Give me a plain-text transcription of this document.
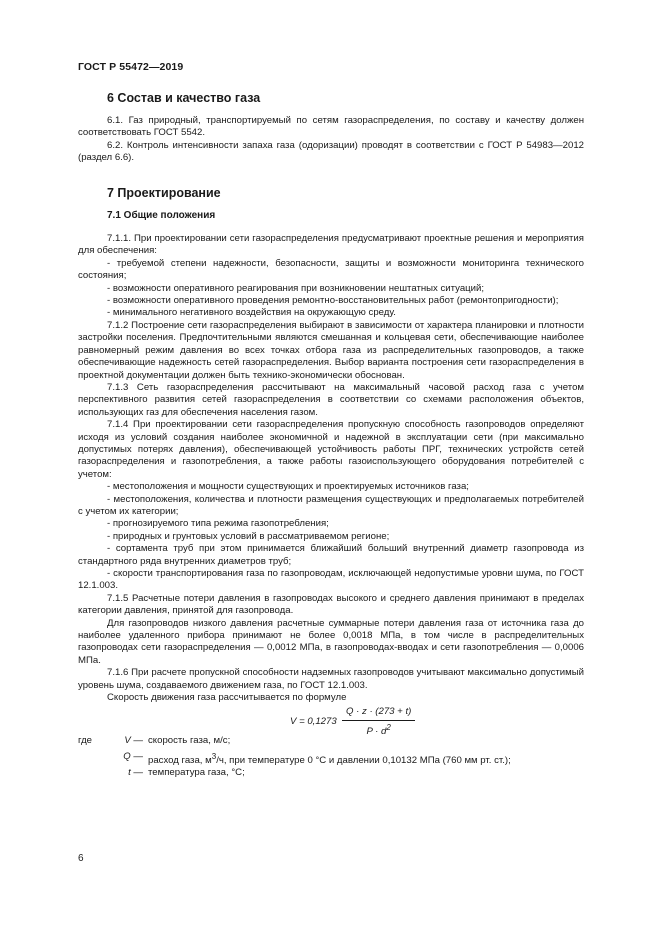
ГОСТ Р 55472—2019
6 Состав и качество газа

6.1. Газ природный, транспортируемый по сетям газораспределения, по составу и качеству должен соответствовать ГОСТ 5542.

6.2. Контроль интенсивности запаха газа (одоризации) проводят в соответствии с ГОСТ Р 54983—2012 (раздел 6.6).

7 Проектирование
7.1 Общие положения

7.1.1. При проектировании сети газораспределения предусматривают проектные решения и мероприятия для обеспечения:

- требуемой степени надежности, безопасности, защиты и возможности мониторинга технического состояния;

- возможности оперативного реагирования при возникновении нештатных ситуаций;

- возможности оперативного проведения ремонтно-восстановительных работ (ремонтопригодности);

- минимального негативного воздействия на окружающую среду.

7.1.2 Построение сети газораспределения выбирают в зависимости от характера планировки и плотности застройки поселения. Предпочтительными являются смешанная и кольцевая сети, обеспечивающие наиболее равномерный режим давления во всех точках отбора газа из распределительных газопроводов, а также обеспечивающие надежность сетей газораспределения. Выбор варианта построения сети газораспределения в проектной документации должен быть технико-экономически обоснован.

7.1.3 Сеть газораспределения рассчитывают на максимальный часовой расход газа с учетом перспективного развития сетей газораспределения в соответствии со схемами расположения объектов, использующих газ для обеспечения населения газом.

7.1.4 При проектировании сети газораспределения пропускную способность газопроводов определяют исходя из условий создания наиболее экономичной и надежной в эксплуатации сети (при максимально допустимых потерях давления), обеспечивающей устойчивость работы ПРГ, технических устройств сетей газораспределения и газопотребления, а также работы газоиспользующего оборудования потребителей с учетом:

- местоположения и мощности существующих и проектируемых источников газа;

- местоположения, количества и плотности размещения существующих и предполагаемых потребителей с учетом их категории;

- прогнозируемого типа режима газопотребления;

- природных и грунтовых условий в рассматриваемом регионе;

- сортамента труб при этом принимается ближайший больший внутренний диаметр газопровода из стандартного ряда внутренних диаметров труб;

- скорости транспортирования газа по газопроводам, исключающей недопустимые уровни шума, по ГОСТ 12.1.003.

7.1.5 Расчетные потери давления в газопроводах высокого и среднего давления принимают в пределах категории давления, принятой для газопровода.

Для газопроводов низкого давления расчетные суммарные потери давления газа от источника газа до наиболее удаленного прибора принимают не более 0,0018 МПа, в том числе в распределительных газопроводах сети газораспределения — 0,0012 МПа, в газопроводах-вводах и сети газопотребления — 0,0006 МПа.

7.1.6 При расчете пропускной способности надземных газопроводов учитывают максимально допустимый уровень шума, создаваемого движением газа, по ГОСТ 12.1.003.

Скорость движения газа рассчитывается по формуле

$V = 0,1273 \frac{Q \cdot z \cdot (273 + t)}{P \cdot d^2}$
где	V — скорость газа, м/с;
Q — расход газа, $м^3/ч$, при температуре 0 °С и давлении 0,10132 МПа (760 мм рт. ст.);
t — температура газа, °С;
6
